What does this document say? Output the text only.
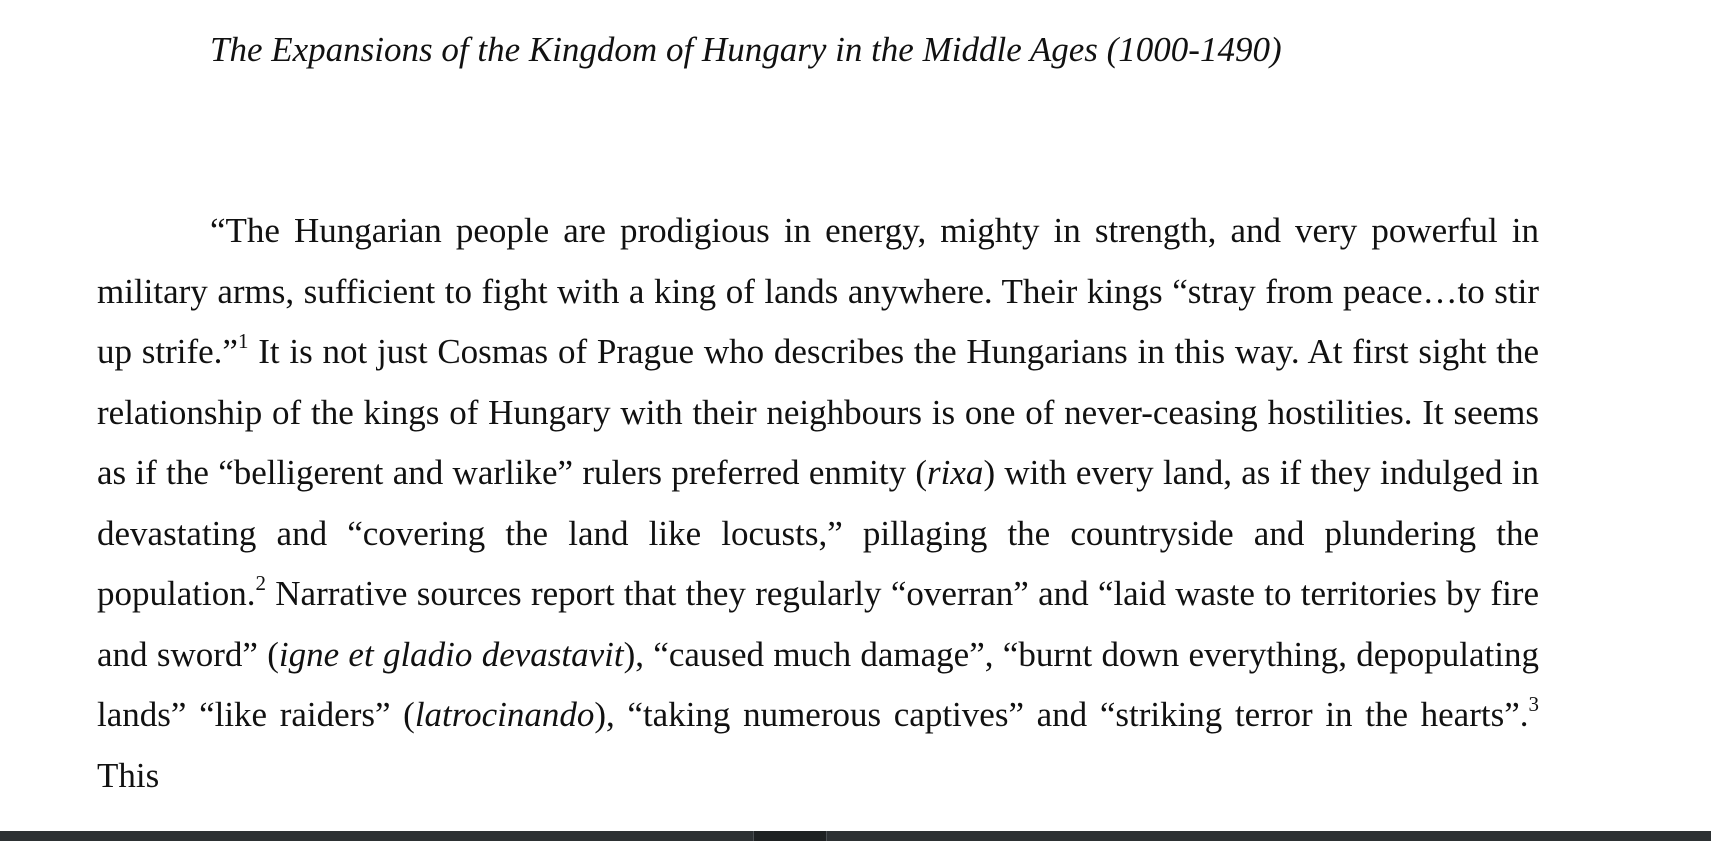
The Expansions of the Kingdom of Hungary in the Middle Ages (1000-1490)

“The Hungarian people are prodigious in energy, mighty in strength, and very powerful in military arms, sufficient to fight with a king of lands anywhere. Their kings “stray from peace…to stir up strife.”$^1$ It is not just Cosmas of Prague who describes the Hungarians in this way. At first sight the relationship of the kings of Hungary with their neighbours is one of never-ceasing hostilities. It seems as if the “belligerent and warlike” rulers preferred enmity (rixa) with every land, as if they indulged in devastating and “covering the land like locusts,” pillaging the countryside and plundering the population.$^2$ Narrative sources report that they regularly “overran” and “laid waste to territories by fire and sword” (igne et gladio devastavit), “caused much damage”, “burnt down everything, depopulating lands” “like raiders” (latrocinando), “taking numerous captives” and “striking terror in the hearts”.$^3$ This
